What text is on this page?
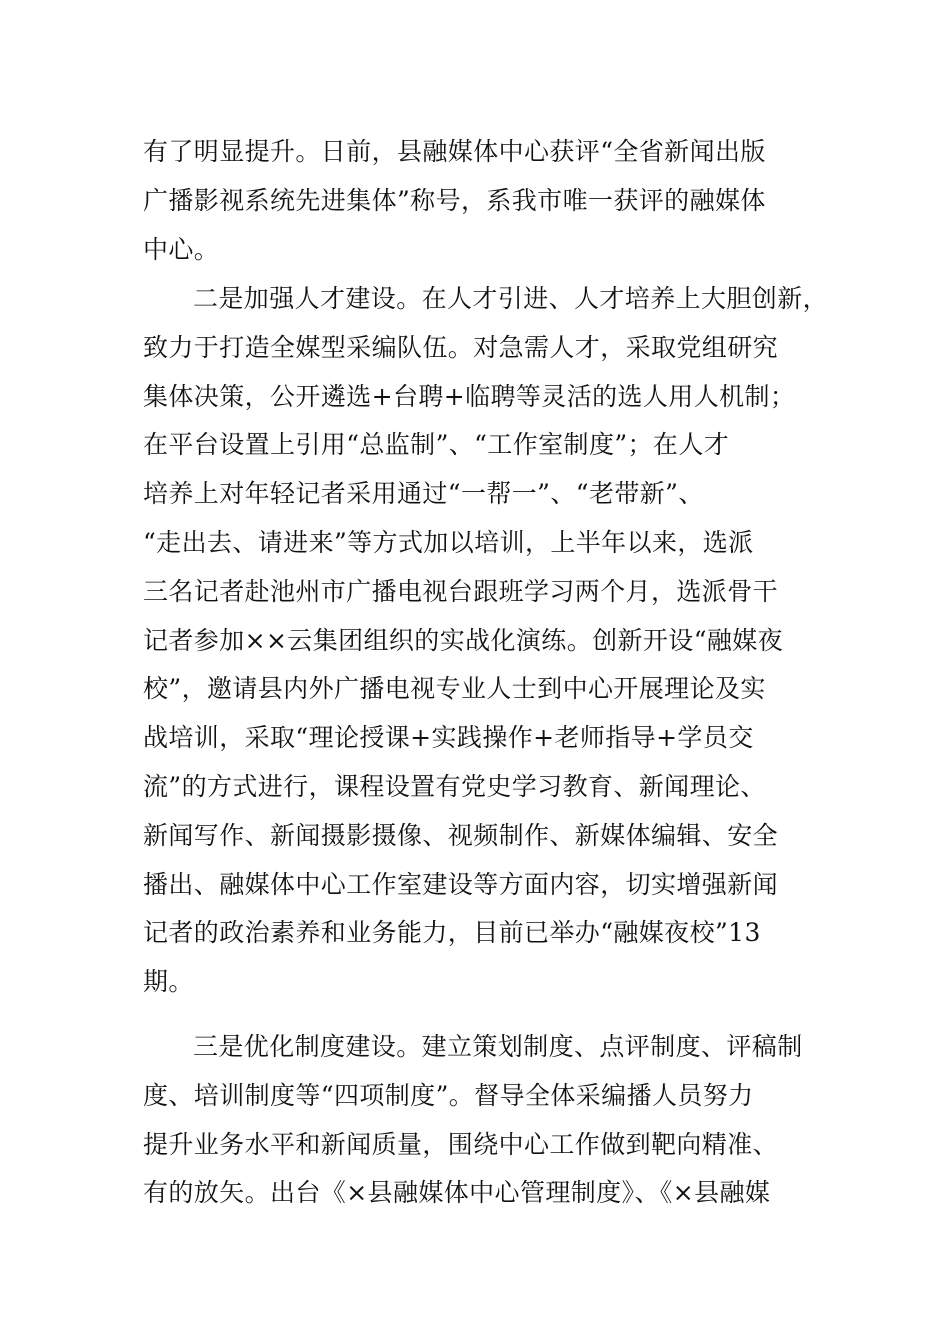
有了明显提升。日前，县融媒体中心获评“全省新闻出版
广播影视系统先进集体”称号，系我市唯一获评的融媒体
中心。
二是加强人才建设。在人才引进、人才培养上大胆创新，
致力于打造全媒型采编队伍。对急需人才，采取党组研究
集体决策，公开遴选+台聘+临聘等灵活的选人用人机制；
在平台设置上引用“总监制”、“工作室制度”；在人才
培养上对年轻记者采用通过“一帮一”、“老带新”、
“走出去、请进来”等方式加以培训，上半年以来，选派
三名记者赴池州市广播电视台跟班学习两个月，选派骨干
记者参加××云集团组织的实战化演练。创新开设“融媒夜
校”，邀请县内外广播电视专业人士到中心开展理论及实
战培训，采取“理论授课+实践操作+老师指导+学员交
流”的方式进行，课程设置有党史学习教育、新闻理论、
新闻写作、新闻摄影摄像、视频制作、新媒体编辑、安全
播出、融媒体中心工作室建设等方面内容，切实增强新闻
记者的政治素养和业务能力，目前已举办“融媒夜校”13
期。
三是优化制度建设。建立策划制度、点评制度、评稿制
度、培训制度等“四项制度”。督导全体采编播人员努力
提升业务水平和新闻质量，围绕中心工作做到靶向精准、
有的放矢。出台《×县融媒体中心管理制度》、《×县融媒
